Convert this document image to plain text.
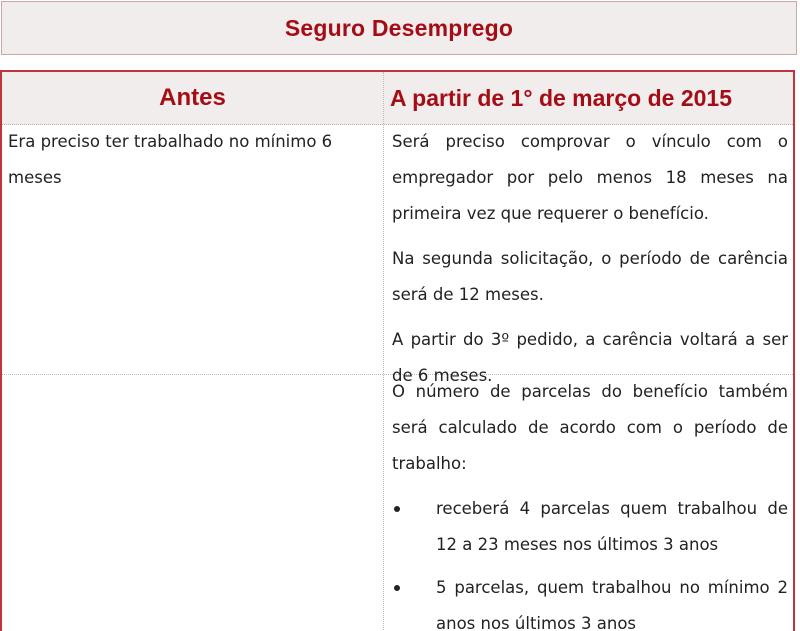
Seguro Desemprego
Antes	A partir de 1° de março de 2015

Era preciso ter trabalhado no mínimo 6 meses

Será preciso comprovar o vínculo com o empregador por pelo menos 18 meses na primeira vez que requerer o benefício.

Na segunda solicitação, o período de carência será de 12 meses.

A partir do 3º pedido, a carência voltará a ser de 6 meses.

O número de parcelas do benefício também será calculado de acordo com o período de trabalho:

receberá 4 parcelas quem trabalhou de 12 a 23 meses nos últimos 3 anos
5 parcelas, quem trabalhou no mínimo 2 anos nos últimos 3 anos
